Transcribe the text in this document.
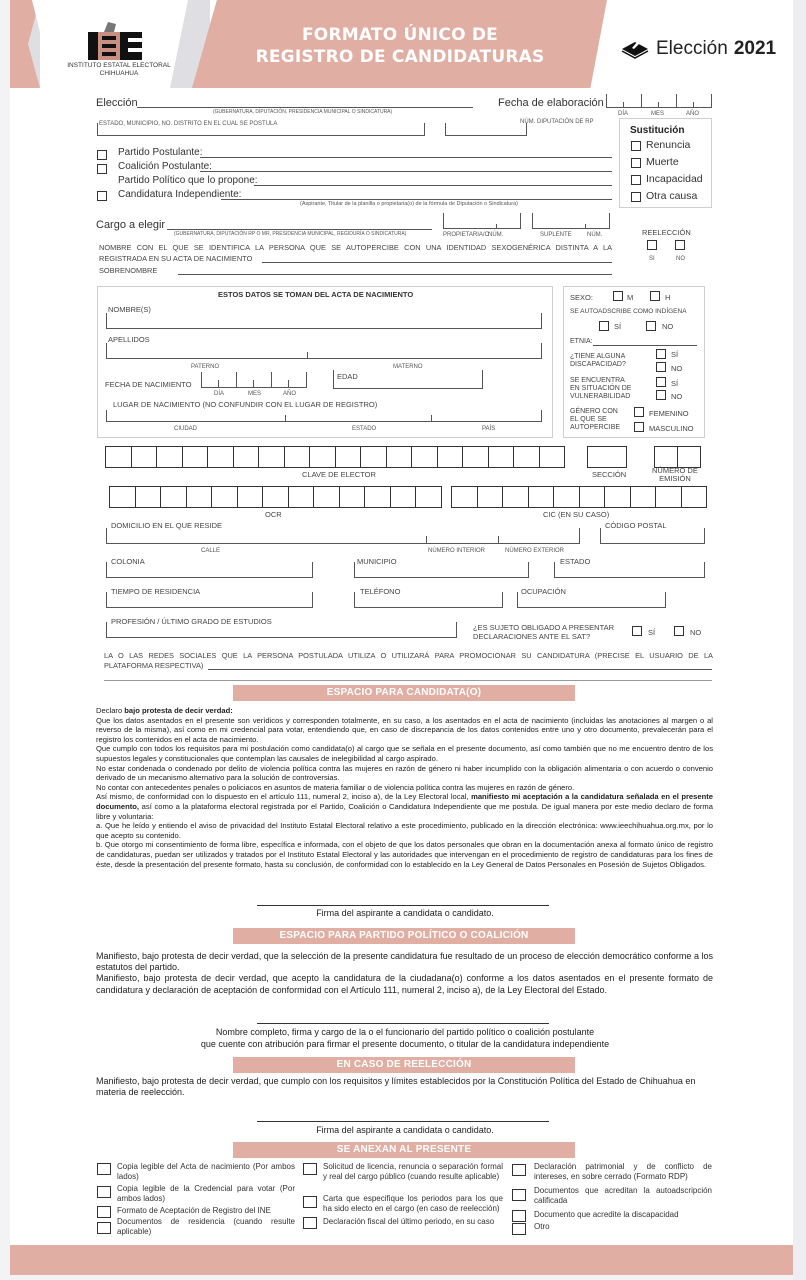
INSTITUTO ESTATAL ELECTORAL
CHIHUAHUA
FORMATO ÚNICO DE
REGISTRO DE CANDIDATURAS	Elección 2021
Elección
(GUBERNATURA, DIPUTACIÓN, PRESIDENCIA MUNICIPAL O SINDICATURA)
Fecha de elaboración
DÍA	MES	AÑO
ESTADO, MUNICIPIO, NO. DISTRITO EN EL CUAL SE POSTULA	NÚM. DIPUTACIÓN DE RP
Sustitución
Renuncia
Muerte
Incapacidad
Otra causa
Partido Postulante:
Coalición Postulante:
Partido Político que lo propone:
Candidatura Independiente:
(Aspirante, Titular de la planilla o propietaria(o) de la fórmula de Diputación o Sindicatura)
Cargo a elegir
(GUBERNATURA, DIPUTACIÓN RP O MR, PRESIDENCIA MUNICIPAL, REGIDURÍA O SINDICATURA)	PROPIETARIA/O
NÚM.	SUPLENTE	NÚM.	REELECCIÓN
SI	NO
NOMBRE CON EL QUE SE IDENTIFICA LA PERSONA QUE SE AUTOPERCIBE CON UNA IDENTIDAD SEXOGENÉRICA DISTINTA A LA
REGISTRADA EN SU ACTA DE NACIMIENTO
SOBRENOMBRE
ESTOS DATOS SE TOMAN DEL ACTA DE NACIMIENTO
NOMBRE(S)
APELLIDOS
PATERNO	MATERNO
FECHA DE NACIMIENTO
DÍA	MES	AÑO
EDAD
LUGAR DE NACIMIENTO (NO CONFUNDIR CON EL LUGAR DE REGISTRO)
CIUDAD	ESTADO	PAÍS
SEXO:	M	H
SE AUTOADSCRIBE COMO INDÍGENA
SÍ	NO
ETNIA:
¿TIENE ALGUNA
DISCAPACIDAD?
SÍ
NO
SE ENCUENTRA
EN SITUACIÓN DE
VULNERABILIDAD
SÍ
NO
GÉNERO CON
EL QUE SE
AUTOPERCIBE
FEMENINO
MASCULINO
CLAVE DE ELECTOR	SECCIÓN	NÚMERO DE
EMISIÓN
OCR	CIC (EN SU CASO)
DOMICILIO EN EL QUE RESIDE
CALLE	NÚMERO INTERIOR	NÚMERO EXTERIOR
CÓDIGO POSTAL
COLONIA	MUNICIPIO	ESTADO
TIEMPO DE RESIDENCIA	TELÉFONO	OCUPACIÓN
PROFESIÓN / ÚLTIMO GRADO DE ESTUDIOS
¿ES SUJETO OBLIGADO A PRESENTAR
DECLARACIONES ANTE EL SAT?	SÍ	NO
LA O LAS REDES SOCIALES QUE LA PERSONA POSTULADA UTILIZA O UTILIZARÁ PARA PROMOCIONAR SU CANDIDATURA (PRECISE EL USUARIO DE LA
PLATAFORMA RESPECTIVA)
ESPACIO PARA CANDIDATA(O)
Declaro bajo protesta de decir verdad:
Que los datos asentados en el presente son verídicos y corresponden totalmente, en su caso, a los asentados en el acta de nacimiento (incluidas las anotaciones al margen o al reverso de la misma), así como en mi credencial para votar, entendiendo que, en caso de discrepancia de los datos contenidos entre uno y otro documento, prevalecerán para el registro los contenidos en el acta de nacimiento.
Que cumplo con todos los requisitos para mi postulación como candidata(o) al cargo que se señala en el presente documento, así como también que no me encuentro dentro de los supuestos legales y constitucionales que contemplan las causales de inelegibilidad al cargo aspirado.
No estar condenada o condenado por delito de violencia política contra las mujeres en razón de género ni haber incumplido con la obligación alimentaria o con acuerdo o convenio derivado de un mecanismo alternativo para la solución de controversias.
No contar con antecedentes penales o policiacos en asuntos de materia familiar o de violencia política contra las mujeres en razón de género.
Así mismo, de conformidad con lo dispuesto en el artículo 111, numeral 2, inciso a), de la Ley Electoral local, manifiesto mi aceptación a la candidatura señalada en el presente documento, así como a la plataforma electoral registrada por el Partido, Coalición o Candidatura Independiente que me postula. De igual manera por este medio declaro de forma libre y voluntaria:
a. Que he leído y entiendo el aviso de privacidad del Instituto Estatal Electoral relativo a este procedimiento, publicado en la dirección electrónica: www.ieechihuahua.org.mx, por lo que acepto su contenido.
b. Que otorgo mi consentimiento de forma libre, específica e informada, con el objeto de que los datos personales que obran en la documentación anexa al formato único de registro de candidaturas, puedan ser utilizados y tratados por el Instituto Estatal Electoral y las autoridades que intervengan en el procedimiento de registro de candidaturas para los fines de éste, desde la presentación del presente formato, hasta su conclusión, de conformidad con lo establecido en la Ley General de Datos Personales en Posesión de Sujetos Obligados.
Firma del aspirante a candidata o candidato.
ESPACIO PARA PARTIDO POLÍTICO O COALICIÓN
Manifiesto, bajo protesta de decir verdad, que la selección de la presente candidatura fue resultado de un proceso de elección democrático conforme a los estatutos del partido.
Manifiesto, bajo protesta de decir verdad, que acepto la candidatura de la ciudadana(o) conforme a los datos asentados en el presente formato de candidatura y declaración de aceptación de conformidad con el Artículo 111, numeral 2, inciso a), de la Ley Electoral del Estado.
Nombre completo, firma y cargo de la o el funcionario del partido político o coalición postulante
que cuente con atribución para firmar el presente documento, o titular de la candidatura independiente
EN CASO DE REELECCIÓN
Manifiesto, bajo protesta de decir verdad, que cumplo con los requisitos y límites establecidos por la Constitución Política del Estado de Chihuahua en materia de reelección.
Firma del aspirante a candidata o candidato.
SE ANEXAN AL PRESENTE
Copia legible del Acta de nacimiento (Por ambos lados)
Copia legible de la Credencial para votar (Por ambos lados)
Formato de Aceptación de Registro del INE
Documentos de residencia (cuando resulte aplicable)
Solicitud de licencia, renuncia o separación formal y real del cargo público (cuando resulte aplicable)
Carta que especifique los periodos para los que ha sido electo en el cargo (en caso de reelección)
Declaración fiscal del último periodo, en su caso
Declaración patrimonial y de conflicto de intereses, en sobre cerrado (Formato RDP)
Documentos que acreditan la autoadscripción calificada
Documento que acredite la discapacidad
Otro
